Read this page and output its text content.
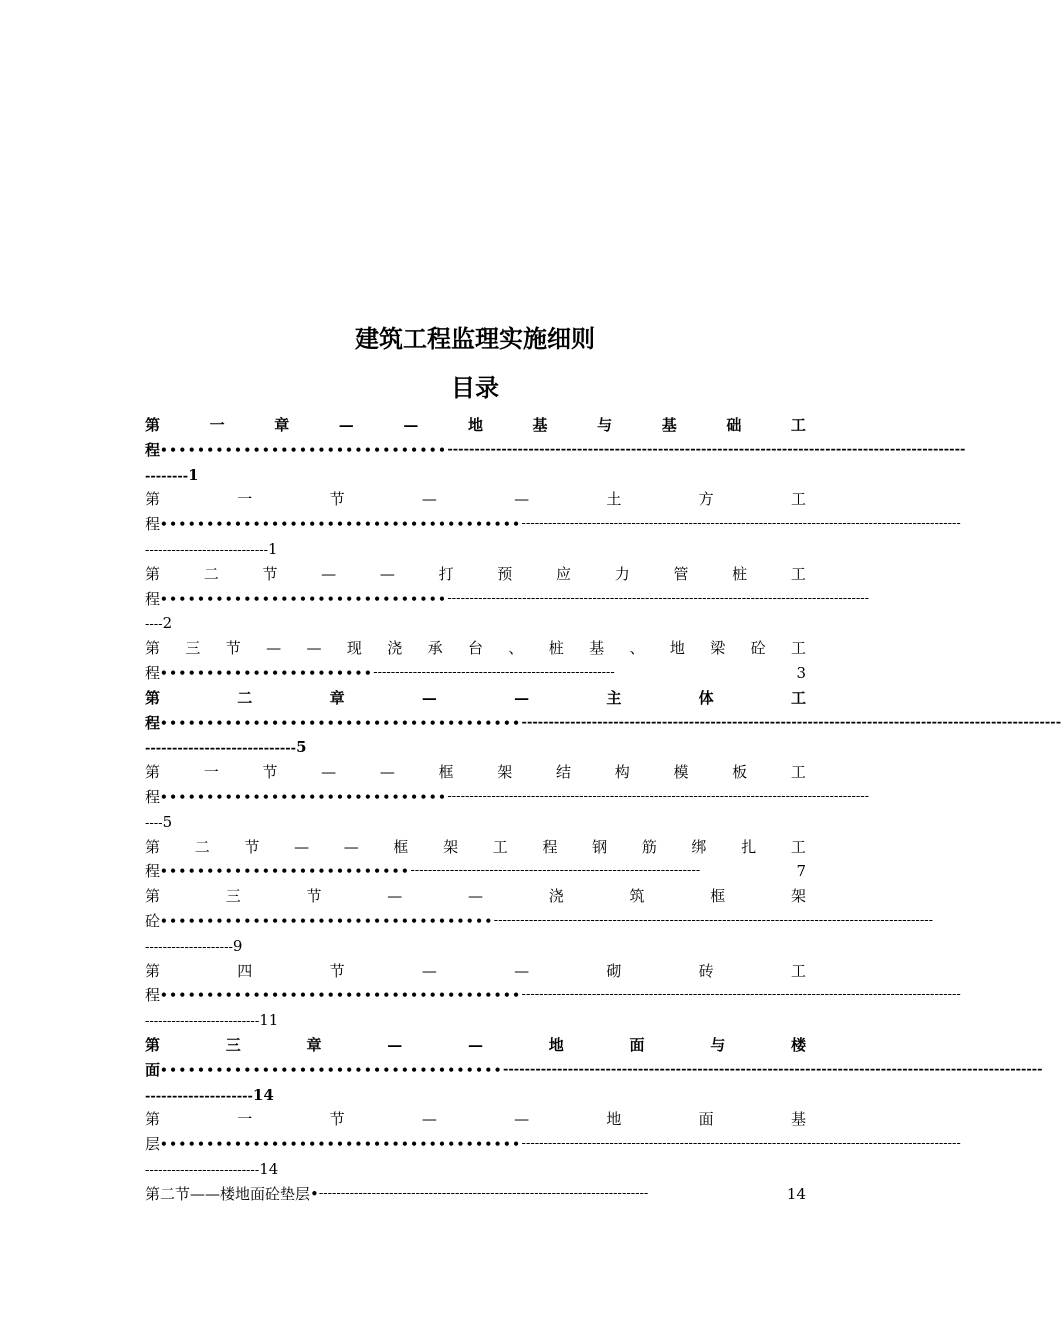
建筑工程监理实施细则
目录
第	一	章	—	—	地	基	与	基	础	工
程 ••••••••••••••••••••••••••••••• ------------------------------------------------------------------------------------------------
--------1
第	一	节	—	—	土	方	工
程 ••••••••••••••••••••••••••••••••••••••• ----------------------------------------------------------------------------------------------------
----------------------------1
第	二	节	—	—	打	预	应	力	管	桩	工
程 ••••••••••••••••••••••••••••••• ------------------------------------------------------------------------------------------------
----2
第 三 节 — — 现 浇 承 台 、 桩 基 、 地 梁 砼 工
程 ••••••••••••••••••••••• -------------------------------------------------------	3
第	二	章	—	—	主	体	工
程 ••••••••••••••••••••••••••••••••••••••• ----------------------------------------------------------------------------------------------------
----------------------------5
第	一	节	—	—	框	架	结	构	模	板	工
程 ••••••••••••••••••••••••••••••• ------------------------------------------------------------------------------------------------
----5
第 二 节 — — 框 架 工 程 钢 筋 绑 扎 工
程 ••••••••••••••••••••••••••• ------------------------------------------------------------------	7
第	三	节	—	—	浇	筑	框	架
砼 •••••••••••••••••••••••••••••••••••• ----------------------------------------------------------------------------------------------------
--------------------9
第	四	节	—	—	砌	砖	工
程 ••••••••••••••••••••••••••••••••••••••• ----------------------------------------------------------------------------------------------------
--------------------------11
第	三	章	—	—	地	面	与	楼
面 ••••••••••••••••••••••••••••••••••••• ----------------------------------------------------------------------------------------------------
--------------------14
第	一	节	—	—	地	面	基
层 ••••••••••••••••••••••••••••••••••••••• ----------------------------------------------------------------------------------------------------
--------------------------14
第二节——楼地面砼垫层• ---------------------------------------------------------------------------	14
